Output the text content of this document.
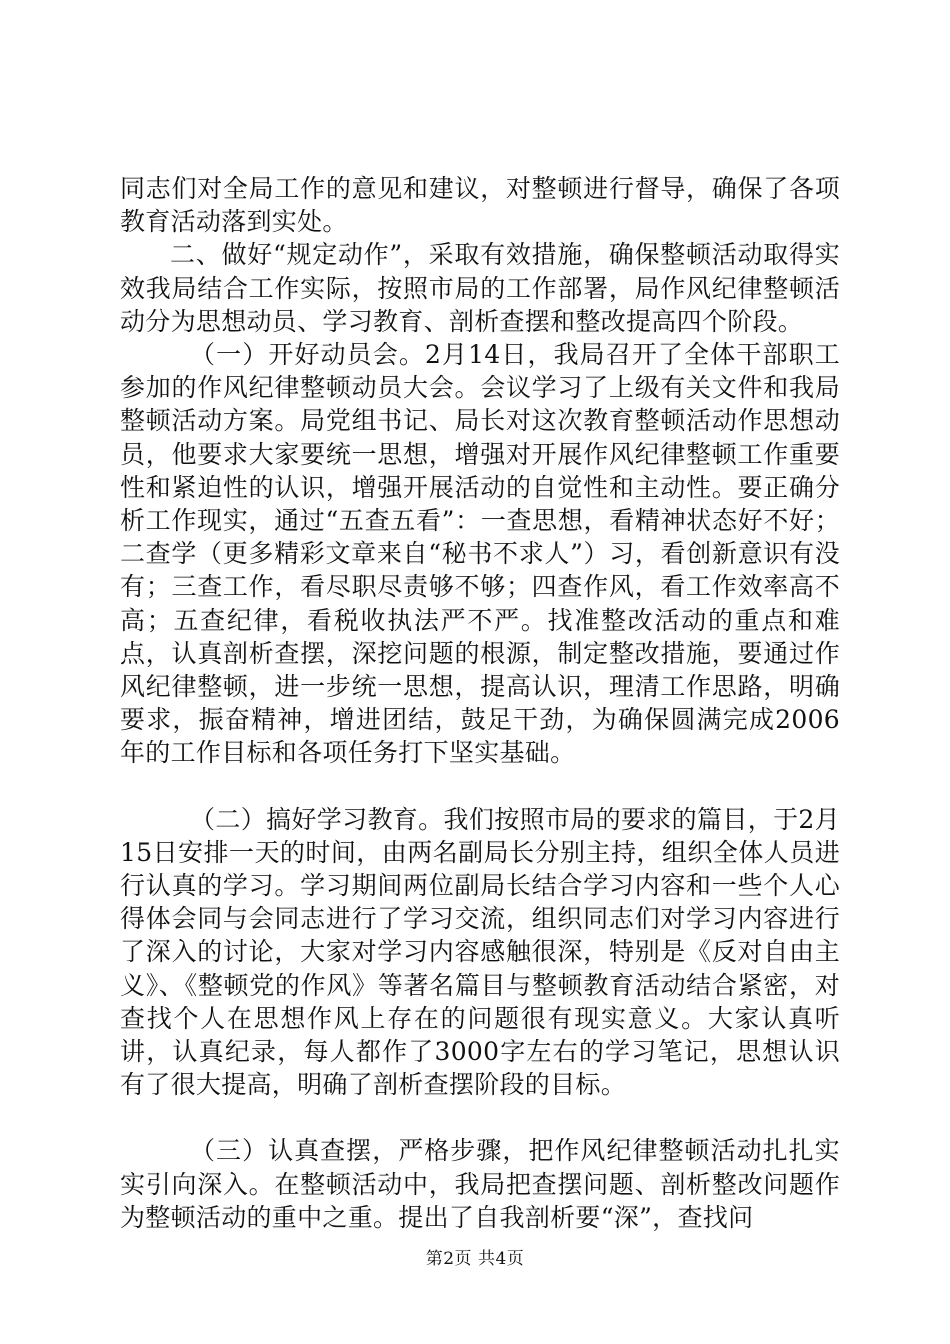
同志们对全局工作的意见和建议，对整顿进行督导，确保了各项教育活动落到实处。

二、做好“规定动作”，采取有效措施，确保整顿活动取得实效我局结合工作实际，按照市局的工作部署，局作风纪律整顿活动分为思想动员、学习教育、剖析查摆和整改提高四个阶段。

（一）开好动员会。2月14日，我局召开了全体干部职工参加的作风纪律整顿动员大会。会议学习了上级有关文件和我局整顿活动方案。局党组书记、局长对这次教育整顿活动作思想动员，他要求大家要统一思想，增强对开展作风纪律整顿工作重要性和紧迫性的认识，增强开展活动的自觉性和主动性。要正确分析工作现实，通过“五查五看”：一查思想，看精神状态好不好；二查学（更多精彩文章来自“秘书不求人”）习，看创新意识有没有；三查工作，看尽职尽责够不够；四查作风，看工作效率高不高；五查纪律，看税收执法严不严。找准整改活动的重点和难点，认真剖析查摆，深挖问题的根源，制定整改措施，要通过作风纪律整顿，进一步统一思想，提高认识，理清工作思路，明确要求，振奋精神，增进团结，鼓足干劲，为确保圆满完成2006年的工作目标和各项任务打下坚实基础。

（二）搞好学习教育。我们按照市局的要求的篇目，于2月15日安排一天的时间，由两名副局长分别主持，组织全体人员进行认真的学习。学习期间两位副局长结合学习内容和一些个人心得体会同与会同志进行了学习交流，组织同志们对学习内容进行了深入的讨论，大家对学习内容感触很深，特别是《反对自由主义》、《整顿党的作风》等著名篇目与整顿教育活动结合紧密，对查找个人在思想作风上存在的问题很有现实意义。大家认真听讲，认真纪录，每人都作了3000字左右的学习笔记，思想认识有了很大提高，明确了剖析查摆阶段的目标。

（三）认真查摆，严格步骤，把作风纪律整顿活动扎扎实实引向深入。在整顿活动中，我局把查摆问题、剖析整改问题作为整顿活动的重中之重。提出了自我剖析要“深”，查找问

第2页 共4页
